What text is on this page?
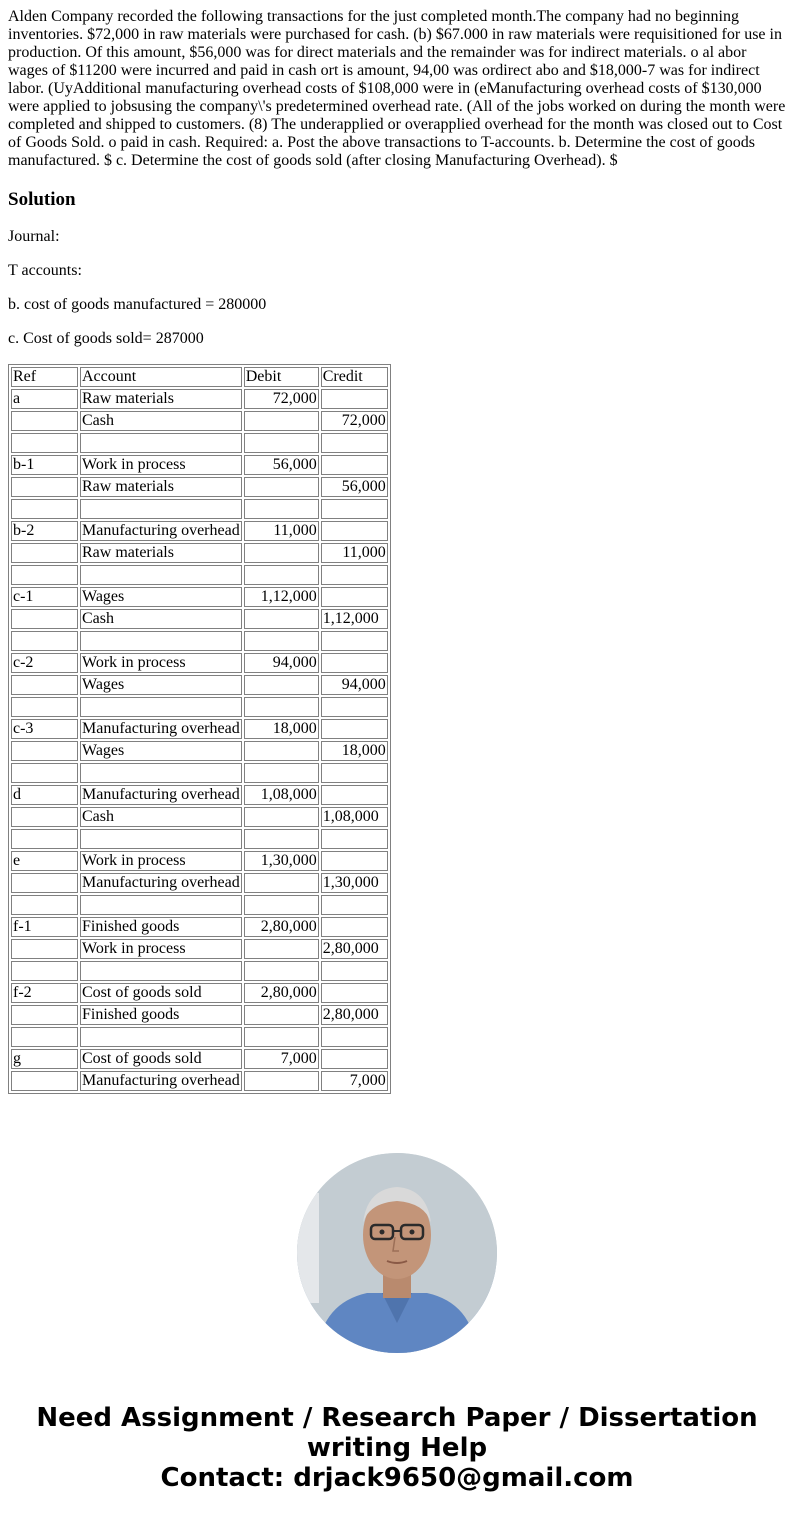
Alden Company recorded the following transactions for the just completed month.The company had no beginning inventories. $72,000 in raw materials were purchased for cash. (b) $67.000 in raw materials were requisitioned for use in production. Of this amount, $56,000 was for direct materials and the remainder was for indirect materials. o al abor wages of $11200 were incurred and paid in cash ort is amount, 94,00 was ordirect abo and $18,000-7 was for indirect labor. (UyAdditional manufacturing overhead costs of $108,000 were in (eManufacturing overhead costs of $130,000 were applied to jobsusing the company\'s predetermined overhead rate. (All of the jobs worked on during the month were completed and shipped to customers. (8) The underapplied or overapplied overhead for the month was closed out to Cost of Goods Sold. o paid in cash. Required: a. Post the above transactions to T-accounts. b. Determine the cost of goods manufactured. $ c. Determine the cost of goods sold (after closing Manufacturing Overhead). $

Solution

Journal:

T accounts:

b. cost of goods manufactured = 280000

c. Cost of goods sold= 287000

Ref	Account	Debit	Credit
a	Raw materials	72,000	
	Cash		72,000

b-1	Work in process	56,000	
	Raw materials		56,000

b-2	Manufacturing overhead	11,000	
	Raw materials		11,000

c-1	Wages	1,12,000	
	Cash		1,12,000

c-2	Work in process	94,000	
	Wages		94,000

c-3	Manufacturing overhead	18,000	
	Wages		18,000

d	Manufacturing overhead	1,08,000	
	Cash		1,08,000

e	Work in process	1,30,000	
	Manufacturing overhead		1,30,000

f-1	Finished goods	2,80,000	
	Work in process		2,80,000

f-2	Cost of goods sold	2,80,000	
	Finished goods		2,80,000

g	Cost of goods sold	7,000	
	Manufacturing overhead		7,000
Need Assignment / Research Paper / Dissertation
writing Help
Contact: drjack9650@gmail.com
